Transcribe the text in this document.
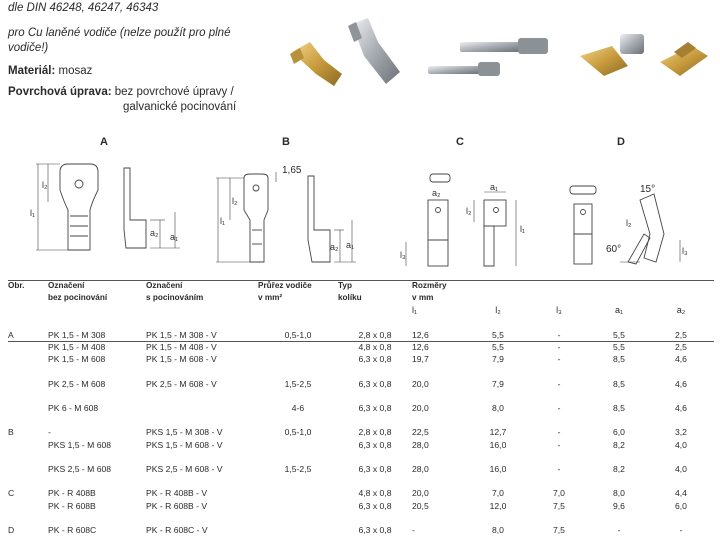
dle DIN 46248, 46247, 46343
pro Cu laněné vodiče (nelze použít pro plné
vodiče!)
Materiál: mosaz
Povrchová úprava: bez povrchové úpravy /
galvanické pocinování
A	B	C	D
l₂
l₁
a₂ a₁
l₂
l₁
a₂ a₁
a₂
a₁
l₂
l₁
l₃
l₂
l₃
1,65
15°
60°
Obr.	Označení	Označení	Průřez vodiče	Typ	Rozměry				
	bez pocinování	s pocinováním	v mm²	kolíku	v mm				
					l₁	l₂	l₃	a₁	a₂

A	PK 1,5 - M 308	PK 1,5 - M 308 - V	0,5-1,0	2,8 x 0,8	12,6	5,5	-	5,5	2,5
	PK 1,5 - M 408	PK 1,5 - M 408 - V		4,8 x 0,8	12,6	5,5	-	5,5	2,5
	PK 1,5 - M 608	PK 1,5 - M 608 - V		6,3 x 0,8	19,7	7,9	-	8,5	4,6

	PK 2,5 - M 608	PK 2,5 - M 608 - V	1,5-2,5	6,3 x 0,8	20,0	7,9	-	8,5	4,6

	PK 6 - M 608		4-6	6,3 x 0,8	20,0	8,0	-	8,5	4,6

B	-	PKS 1,5 - M 308 - V	0,5-1,0	2,8 x 0,8	22,5	12,7	-	6,0	3,2
	PKS 1,5 - M 608	PKS 1,5 - M 608 - V		6,3 x 0,8	28,0	16,0	-	8,2	4,0

	PKS 2,5 - M 608	PKS 2,5 - M 608 - V	1,5-2,5	6,3 x 0,8	28,0	16,0	-	8,2	4,0

C	PK - R 408B	PK - R 408B - V		4,8 x 0,8	20,0	7,0	7,0	8,0	4,4
	PK - R 608B	PK - R 608B - V		6,3 x 0,8	20,5	12,0	7,5	9,6	6,0

D	PK - R 608C	PK - R 608C - V		6,3 x 0,8	-	8,0	7,5	-	-
